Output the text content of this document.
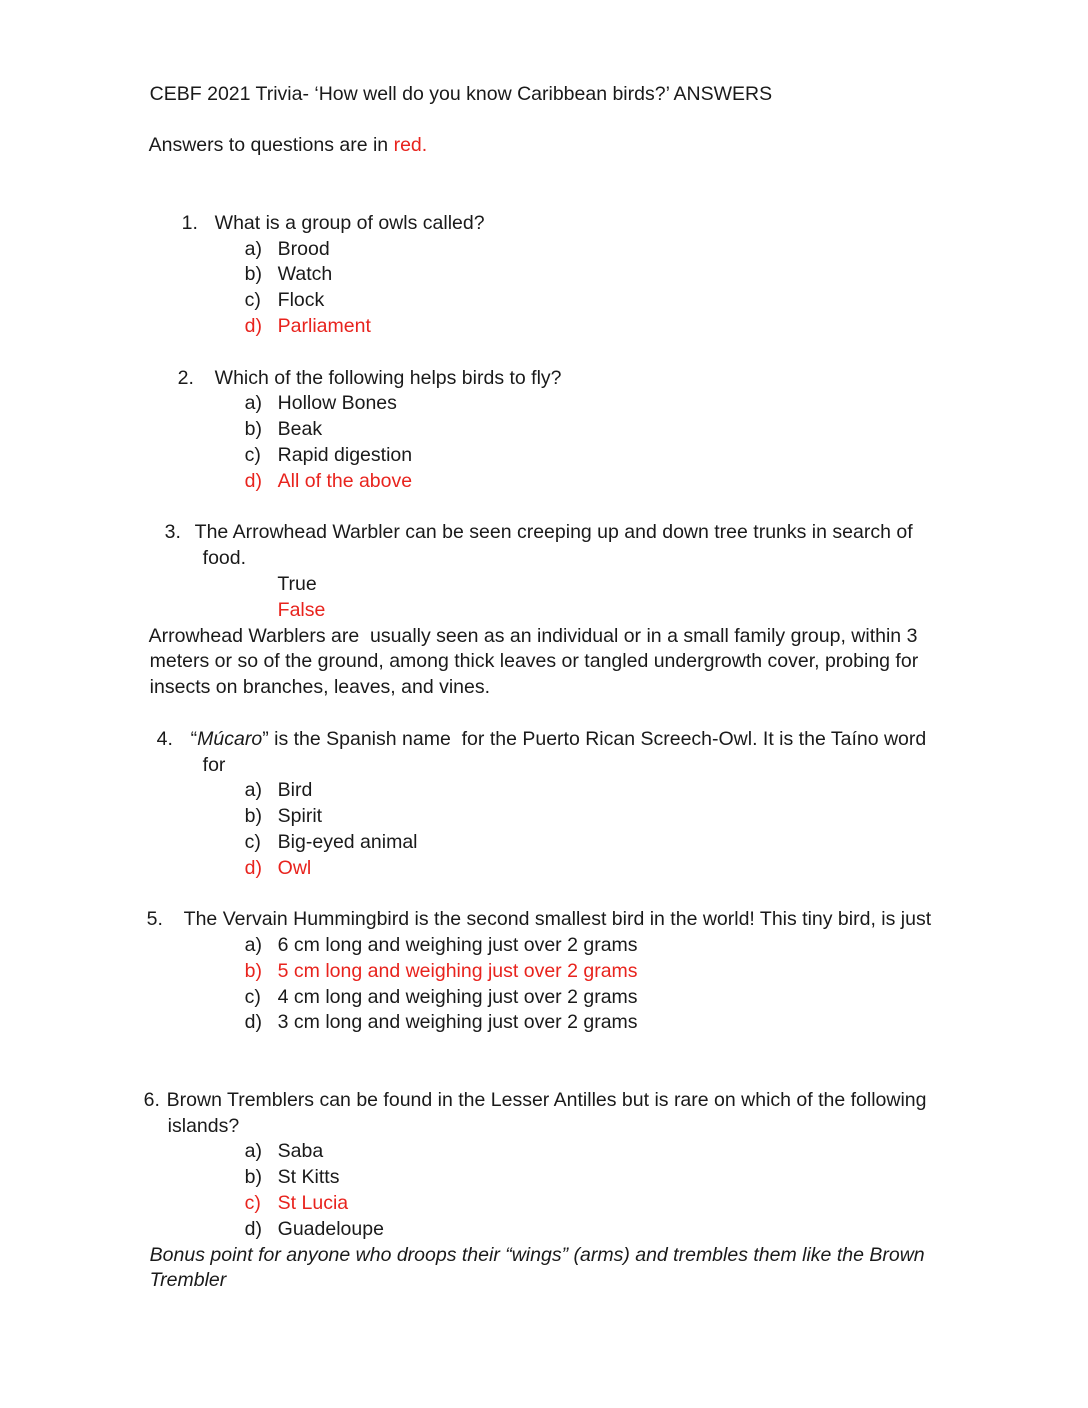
CEBF 2021 Trivia- ‘How well do you know Caribbean birds?’ ANSWERS

Answers to questions are in red.

1. What is a group of owls called?

a) Brood

b) Watch

c) Flock

d) Parliament

2. Which of the following helps birds to fly?

a) Hollow Bones

b) Beak

c) Rapid digestion

d) All of the above

3. The Arrowhead Warbler can be seen creeping up and down tree trunks in search of

food.

True

False

Arrowhead Warblers are  usually seen as an individual or in a small family group, within 3

meters or so of the ground, among thick leaves or tangled undergrowth cover, probing for

insects on branches, leaves, and vines.

4. “Múcaro” is the Spanish name  for the Puerto Rican Screech-Owl. It is the Taíno word

for

a) Bird

b) Spirit

c) Big-eyed animal

d) Owl

5. The Vervain Hummingbird is the second smallest bird in the world! This tiny bird, is just

a) 6 cm long and weighing just over 2 grams

b) 5 cm long and weighing just over 2 grams

c) 4 cm long and weighing just over 2 grams

d) 3 cm long and weighing just over 2 grams

6. Brown Tremblers can be found in the Lesser Antilles but is rare on which of the following

islands?

a) Saba

b) St Kitts

c) St Lucia

d) Guadeloupe

Bonus point for anyone who droops their “wings” (arms) and trembles them like the Brown

Trembler
